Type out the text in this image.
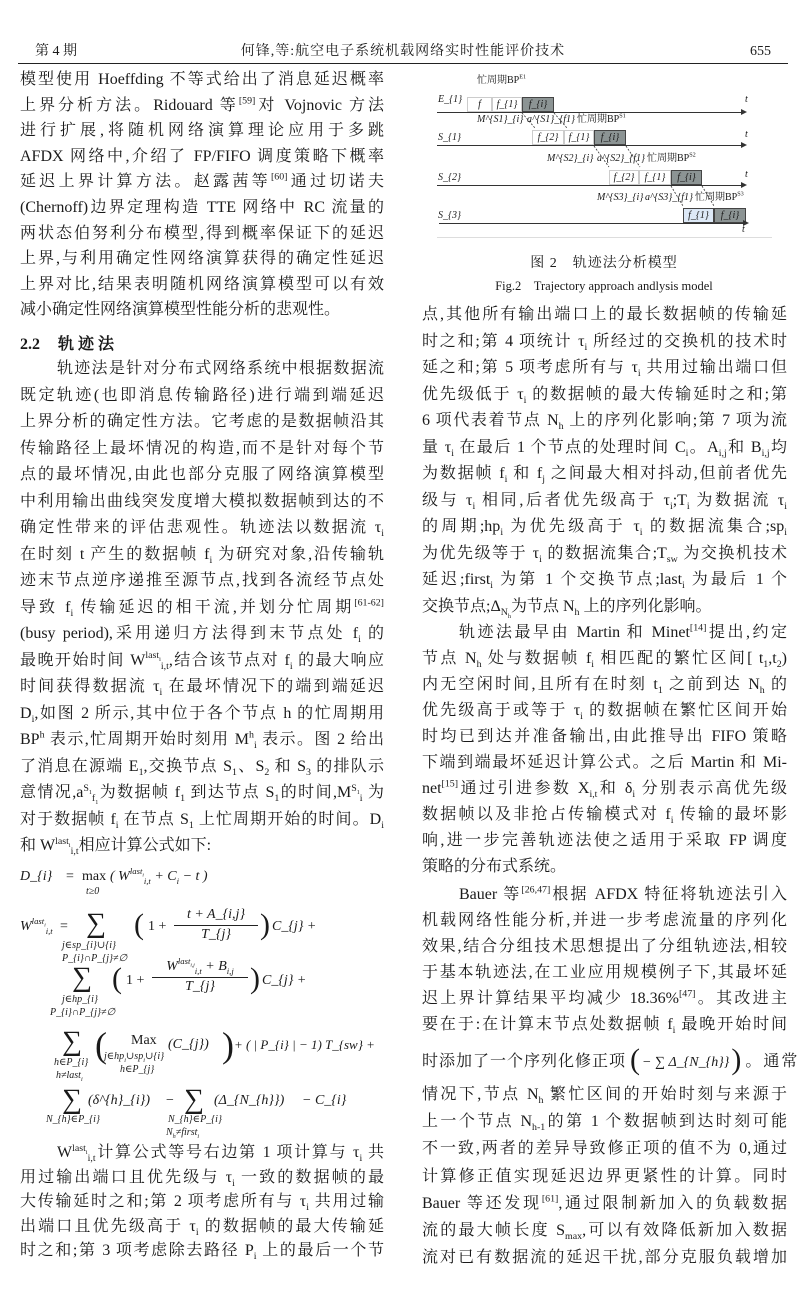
第 4 期	何锋,等:航空电子系统机载网络实时性能评价技术	655
模型使用 Hoeffding 不等式给出了消息延迟概率
上界分析方法。Ridouard 等[59]对 Vojnovic 方法
进行扩展,将随机网络演算理论应用于多跳
AFDX 网络中,介绍了 FP/FIFO 调度策略下概率
延迟上界计算方法。赵露茜等[60]通过切诺夫
(Chernoff)边界定理构造 TTE 网络中 RC 流量的
两状态伯努利分布模型,得到概率保证下的延迟
上界,与利用确定性网络演算获得的确定性延迟
上界对比,结果表明随机网络演算模型可以有效
减小确定性网络演算模型性能分析的悲观性。
2.2 轨 迹 法
轨迹法是针对分布式网络系统中根据数据流
既定轨迹(也即消息传输路径)进行端到端延迟
上界分析的确定性方法。它考虑的是数据帧沿其
传输路径上最坏情况的构造,而不是针对每个节
点的最坏情况,由此也部分克服了网络演算模型
中利用输出曲线突发度增大模拟数据帧到达的不
确定性带来的评估悲观性。轨迹法以数据流 $\tau_i$
在时刻 t 产生的数据帧 $f_i$ 为研究对象,沿传输轨
迹末节点逆序递推至源节点,找到各流经节点处
导致 $f_i$ 传输延迟的相干流,并划分忙周期[61-62]
(busy period),采用递归方法得到末节点处 $f_i$ 的
最晚开始时间 $W^{last_i}_{i,t}$,结合该节点对 $f_i$ 的最大响应
时间获得数据流 $\tau_i$ 在最坏情况下的端到端延迟
$D_i$,如图 2 所示,其中位于各个节点 h 的忙周期用
$BP^h$ 表示,忙周期开始时刻用 $M^h_i$ 表示。图 2 给出
了消息在源端 $E_1$,交换节点 $S_1$、$S_2$ 和 $S_3$ 的排队示
意情况$,a^{S_1}_{f_1}$为数据帧 $f_1$ 到达节点 $S_1$的时间$,M^{S_1}_i$ 为
对于数据帧 $f_i$ 在节点 $S_1$ 上忙周期开始的时间。$D_i$
和 $W^{last_i}_{i,t}$相应计算公式如下:
D_{i} = max
t≥0
( $W^{last_i}_{i,t} + C_i - t$ )
$W^{last_i}_{i,t}$ = ∑
j∈sp_{i}∪{i}
P_{i}∩P_{j}≠∅
( $1 + \frac{t + A\_\{i,j\}}{T\_\{j\}}$ ) C_{j} +
∑
j∈hp_{i}
P_{i}∩P_{j}≠∅
( 1 +
$W^{last_{i,j}}_{i,t} + B_{i,j}$
T_{j}	) C_{j} +
∑
h∈P_{i}
h≠last$_i$
( Max
$j\in hp_i\cup sp_i\cup\{i\}$
h∈P_{j}
(C_{j}) ) + ( | P_{i} | − 1) T_{sw} +
∑
N_{h}∈P_{i}
(δ^{h}_{i}) − ∑
N_{h}∈P_{i}
$N_h\ne first_i$
(Δ_{N_{h}}) − C_{i}
$W^{last_i}_{i,t}$计算公式等号右边第 1 项计算与 $\tau_i$ 共
用过输出端口且优先级与 $\tau_i$ 一致的数据帧的最
大传输延时之和;第 2 项考虑所有与 $\tau_i$ 共用过输
出端口且优先级高于 $\tau_i$ 的数据帧的最大传输延
时之和;第 3 项考虑除去路径 $P_i$ 上的最后一个节
忙周期$BP^{E1}$
E_{1}	f	f_{1}	f_{i}	t
M^{S1}_{i} a^{S1}_{f1} 忙周期$BP^{S1}$
S_{1}	f_{2}	f_{1}	f_{i}	t
M^{S2}_{i} a^{S2}_{f1} 忙周期$BP^{S2}$
S_{2}	f_{2}	f_{1}	f_{i}	t
M^{S3}_{i} a^{S3}_{f1} 忙周期$BP^{S3}$
S_{3}	f_{1}	f_{i}
t
图 2　轨迹法分析模型
Fig.2　Trajectory approach andlysis model
点,其他所有输出端口上的最长数据帧的传输延
时之和;第 4 项统计 $\tau_i$ 所经过的交换机的技术时
延之和;第 5 项考虑所有与 $\tau_i$ 共用过输出端口但
优先级低于 $\tau_i$ 的数据帧的最大传输延时之和;第
6 项代表着节点 $N_h$ 上的序列化影响;第 7 项为流
量 $\tau_i$ 在最后 1 个节点的处理时间 $C_i$。$A_{i,j}$和 $B_{i,j}$均
为数据帧 $f_i$ 和 $f_j$ 之间最大相对抖动,但前者优先
级与 $\tau_i$ 相同,后者优先级高于 $\tau_i;T_i$ 为数据流 $\tau_i$
的周期$;hp_i$ 为优先级高于 $\tau_i$ 的数据流集合$;sp_i$
为优先级等于 $\tau_i$ 的数据流集合$;T_{sw}$ 为交换机技术
延迟;first$_i$ 为第 1 个交换节点;last$_i$ 为最后 1 个
交换节点$;\Delta_{N_h}$为节点 $N_h$ 上的序列化影响。
轨迹法最早由 Martin 和 Minet[14]提出,约定
节点 $N_h$ 处与数据帧 $f_i$ 相匹配的繁忙区间[ $t_1,t_2$)
内无空闲时间,且所有在时刻 $t_1$ 之前到达 $N_h$ 的
优先级高于或等于 $\tau_i$ 的数据帧在繁忙区间开始
时均已到达并准备输出,由此推导出 FIFO 策略
下端到端最坏延迟计算公式。之后 Martin 和 Mi-
net[15]通过引进参数 $X_{i,t}$和 $\delta_i$ 分别表示高优先级
数据帧以及非抢占传输模式对 $f_i$ 传输的最坏影
响,进一步完善轨迹法使之适用于采取 FP 调度
策略的分布式系统。
Bauer 等[26,47]根据 AFDX 特征将轨迹法引入
机载网络性能分析,并进一步考虑流量的序列化
效果,结合分组技术思想提出了分组轨迹法,相较
于基本轨迹法,在工业应用规模例子下,其最坏延
迟上界计算结果平均减少 18.36%[47]。其改进主
要在于:在计算末节点处数据帧 $f_i$ 最晚开始时间
时添加了一个序列化修正项 ( − ∑ Δ_{N_{h}}) 。通常
情况下,节点 $N_h$ 繁忙区间的开始时刻与来源于
上一个节点 $N_{h-1}$的第 1 个数据帧到达时刻可能
不一致,两者的差异导致修正项的值不为 0,通过
计算修正值实现延迟边界更紧性的计算。同时
Bauer 等还发现[61],通过限制新加入的负载数据
流的最大帧长度 $S_{max}$,可以有效降低新加入数据
流对已有数据流的延迟干扰,部分克服负载增加
